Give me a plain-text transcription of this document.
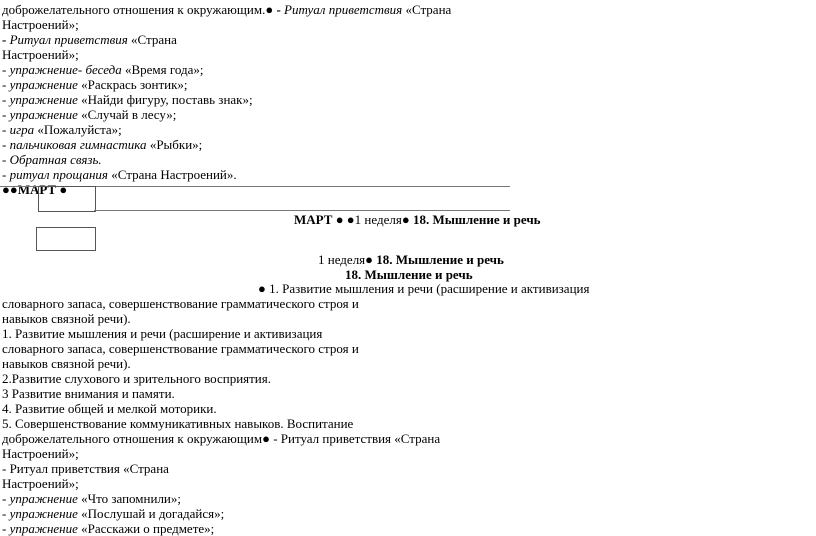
доброжелательного отношения к окружающим.● - Ритуал приветствия «Страна
Настроений»;
- Ритуал приветствия «Страна
Настроений»;
- упражнение- беседа «Время года»;
- упражнение «Раскрась зонтик»;
- упражнение «Найди фигуру, поставь знак»;
- упражнение «Случай в лесу»;
- игра «Пожалуйста»;
- пальчиковая гимнастика «Рыбки»;
- Обратная связь.
- ритуал прощания «Страна Настроений».
● ● МАРТ ●
МАРТ ● ● 1 неделя● 18. Мышление и речь
1 неделя● 18. Мышление и речь
18. Мышление и речь
● 1. Развитие мышления и речи (расширение и активизация
словарного запаса, совершенствование грамматического строя и
навыков связной речи).
1. Развитие мышления и речи (расширение и активизация
словарного запаса, совершенствование грамматического строя и
навыков связной речи).
2.Развитие слухового и зрительного восприятия.
3 Развитие внимания и памяти.
4. Развитие общей и мелкой моторики.
5. Совершенствование коммуникативных навыков. Воспитание
доброжелательного отношения к окружающим● - Ритуал приветствия «Страна
Настроений»;
- Ритуал приветствия «Страна
Настроений»;
- упражнение «Что запомнили»;
- упражнение «Послушай и догадайся»;
- упражнение «Расскажи о предмете»;
